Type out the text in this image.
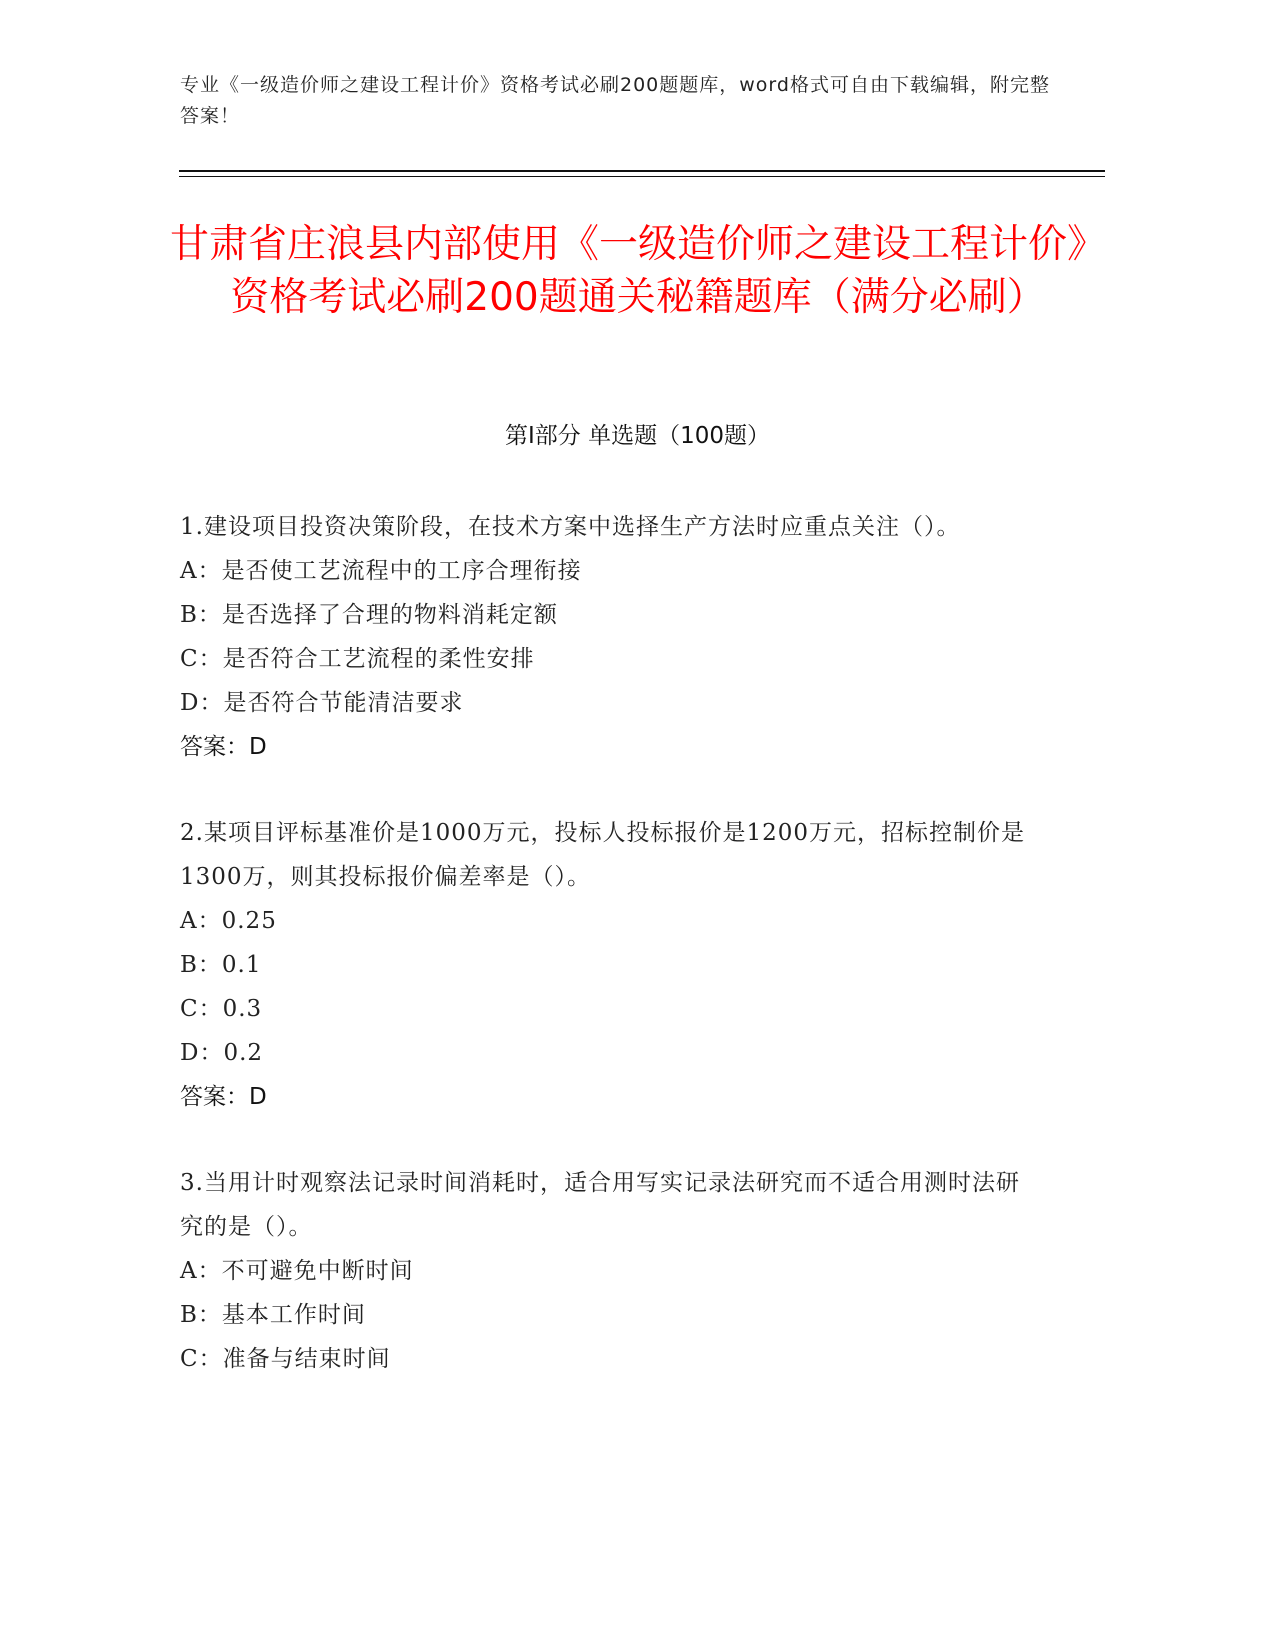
专业《一级造价师之建设工程计价》资格考试必刷200题题库，word格式可自由下载编辑，附完整答案！
甘肃省庄浪县内部使用《一级造价师之建设工程计价》资格考试必刷200题通关秘籍题库（满分必刷）
第Ⅰ部分 单选题（100题）
1.建设项目投资决策阶段，在技术方案中选择生产方法时应重点关注（）。
A：是否使工艺流程中的工序合理衔接
B：是否选择了合理的物料消耗定额
C：是否符合工艺流程的柔性安排
D：是否符合节能清洁要求
答案：D
2.某项目评标基准价是1000万元，投标人投标报价是1200万元，招标控制价是1300万，则其投标报价偏差率是（）。
A：0.25
B：0.1
C：0.3
D：0.2
答案：D
3.当用计时观察法记录时间消耗时，适合用写实记录法研究而不适合用测时法研究的是（）。
A：不可避免中断时间
B：基本工作时间
C：准备与结束时间
